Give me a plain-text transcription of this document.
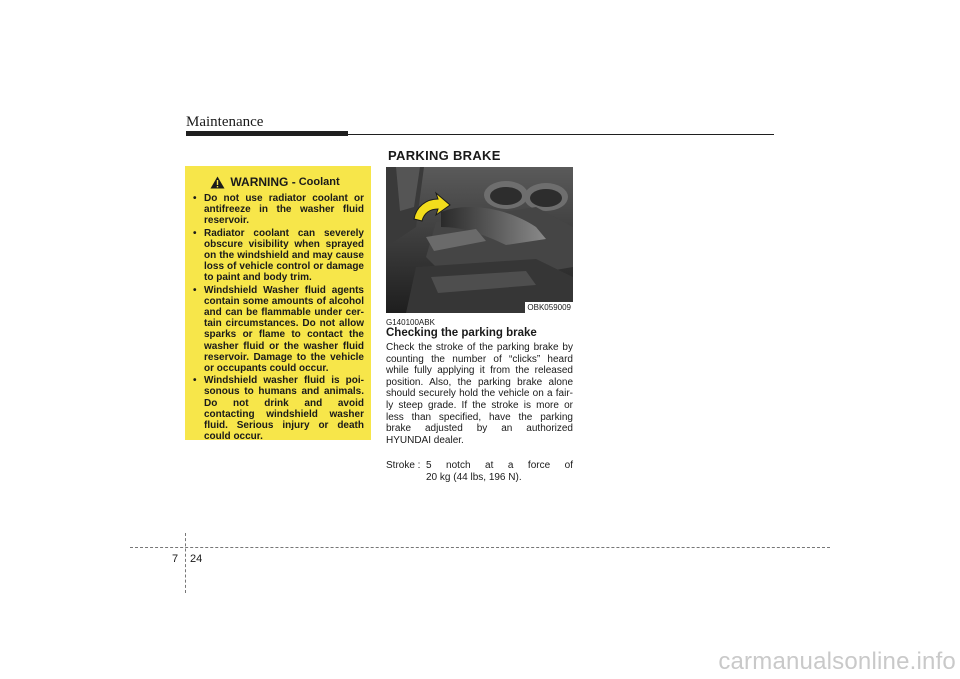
Maintenance
WARNING - Coolant
• Do not use radiator coolant or antifreeze in the washer fluid reservoir.
• Radiator coolant can severely obscure visibility when sprayed on the windshield and may cause loss of vehicle control or damage to paint and body trim.
• Windshield Washer fluid agents contain some amounts of alcohol and can be flammable under cer-tain circumstances. Do not allow sparks or flame to contact the washer fluid or the washer fluid reservoir. Damage to the vehicle or occupants could occur.
• Windshield washer fluid is poi-sonous to humans and animals. Do not drink and avoid contacting windshield washer fluid. Serious injury or death could occur.
PARKING BRAKE
OBK059009
G140100ABK
Checking the parking brake
Check the stroke of the parking brake by counting the number of “clicks” heard while fully applying it from the released position. Also, the parking brake alone should securely hold the vehicle on a fair-ly steep grade. If the stroke is more or less than specified, have the parking brake adjusted by an authorized HYUNDAI dealer.
Stroke : 5 notch at a force of
20 kg (44 lbs, 196 N).
7 24
carmanualsonline.info
